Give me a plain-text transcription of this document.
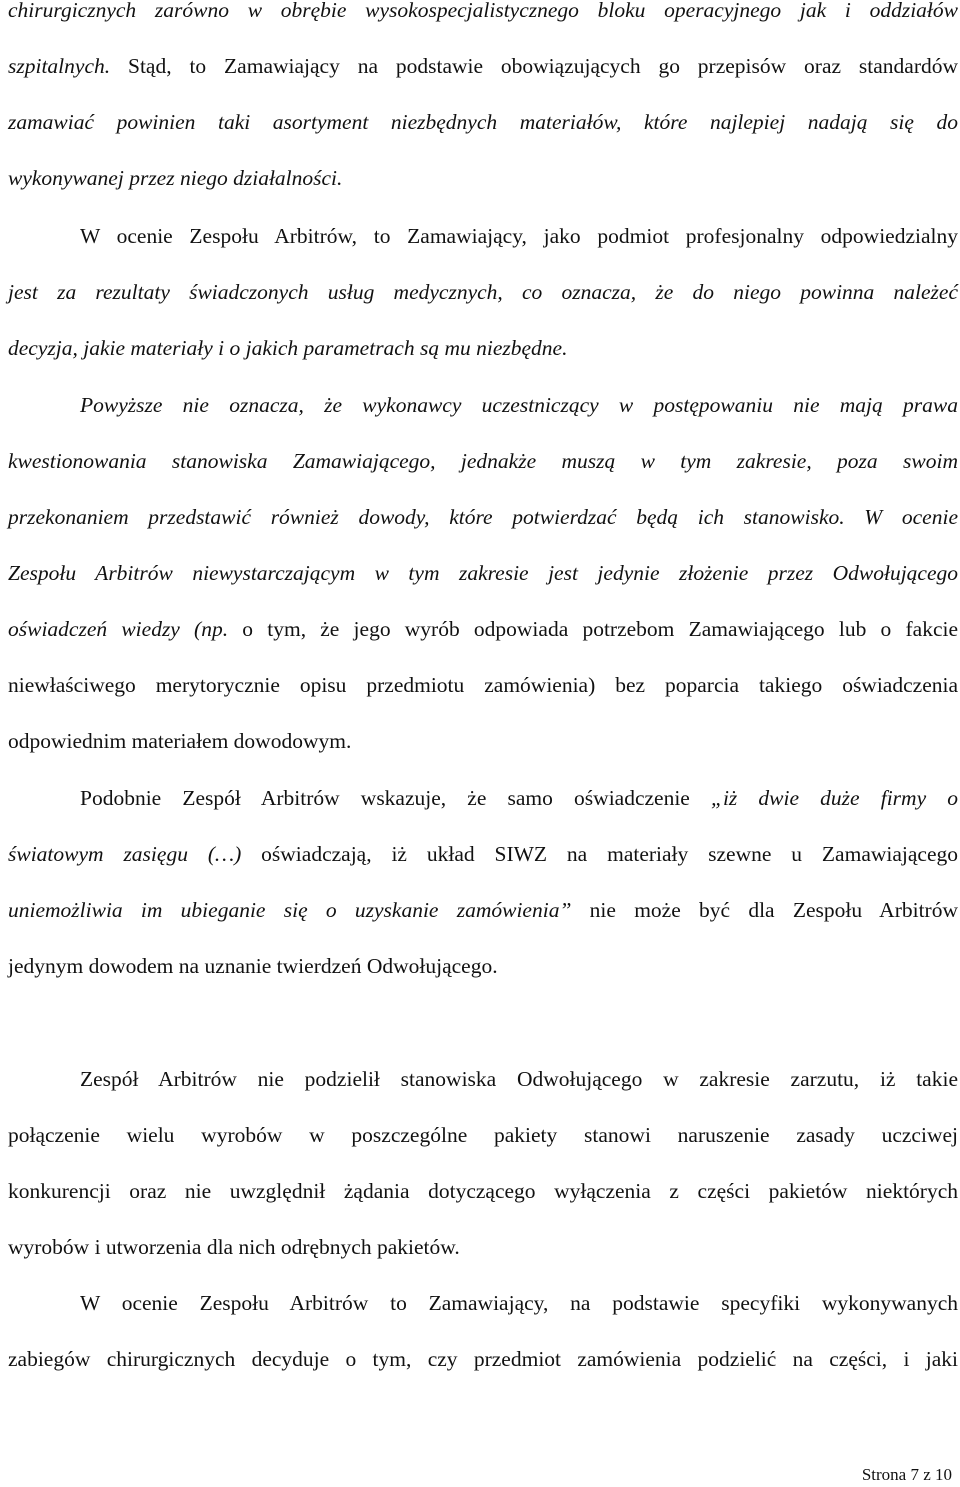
chirurgicznych zarówno w obrębie wysokospecjalistycznego bloku operacyjnego jak i oddziałów
szpitalnych. Stąd, to Zamawiający na podstawie obowiązujących go przepisów oraz standardów
zamawiać powinien taki asortyment niezbędnych materiałów, które najlepiej nadają się do
wykonywanej przez niego działalności.
W ocenie Zespołu Arbitrów, to Zamawiający, jako podmiot profesjonalny odpowiedzialny
jest za rezultaty świadczonych usług medycznych, co oznacza, że do niego powinna należeć
decyzja, jakie materiały i o jakich parametrach są mu niezbędne.
Powyższe nie oznacza, że wykonawcy uczestniczący w postępowaniu nie mają prawa
kwestionowania stanowiska Zamawiającego, jednakże muszą w tym zakresie, poza swoim
przekonaniem przedstawić również dowody, które potwierdzać będą ich stanowisko. W ocenie
Zespołu Arbitrów niewystarczającym w tym zakresie jest jedynie złożenie przez Odwołującego
oświadczeń wiedzy (np. o tym, że jego wyrób odpowiada potrzebom Zamawiającego lub o fakcie
niewłaściwego merytorycznie opisu przedmiotu zamówienia) bez poparcia takiego oświadczenia
odpowiednim materiałem dowodowym.
Podobnie Zespół Arbitrów wskazuje, że samo oświadczenie „iż dwie duże firmy o
światowym zasięgu (…) oświadczają, iż układ SIWZ na materiały szewne u Zamawiającego
uniemożliwia im ubieganie się o uzyskanie zamówienia” nie może być dla Zespołu Arbitrów
jedynym dowodem na uznanie twierdzeń Odwołującego.
Zespół Arbitrów nie podzielił stanowiska Odwołującego w zakresie zarzutu, iż takie
połączenie wielu wyrobów w poszczególne pakiety stanowi naruszenie zasady uczciwej
konkurencji oraz nie uwzględnił żądania dotyczącego wyłączenia z części pakietów niektórych
wyrobów i utworzenia dla nich odrębnych pakietów.
W ocenie Zespołu Arbitrów to Zamawiający, na podstawie specyfiki wykonywanych
zabiegów chirurgicznych decyduje o tym, czy przedmiot zamówienia podzielić na części, i jaki
Strona 7 z 10
